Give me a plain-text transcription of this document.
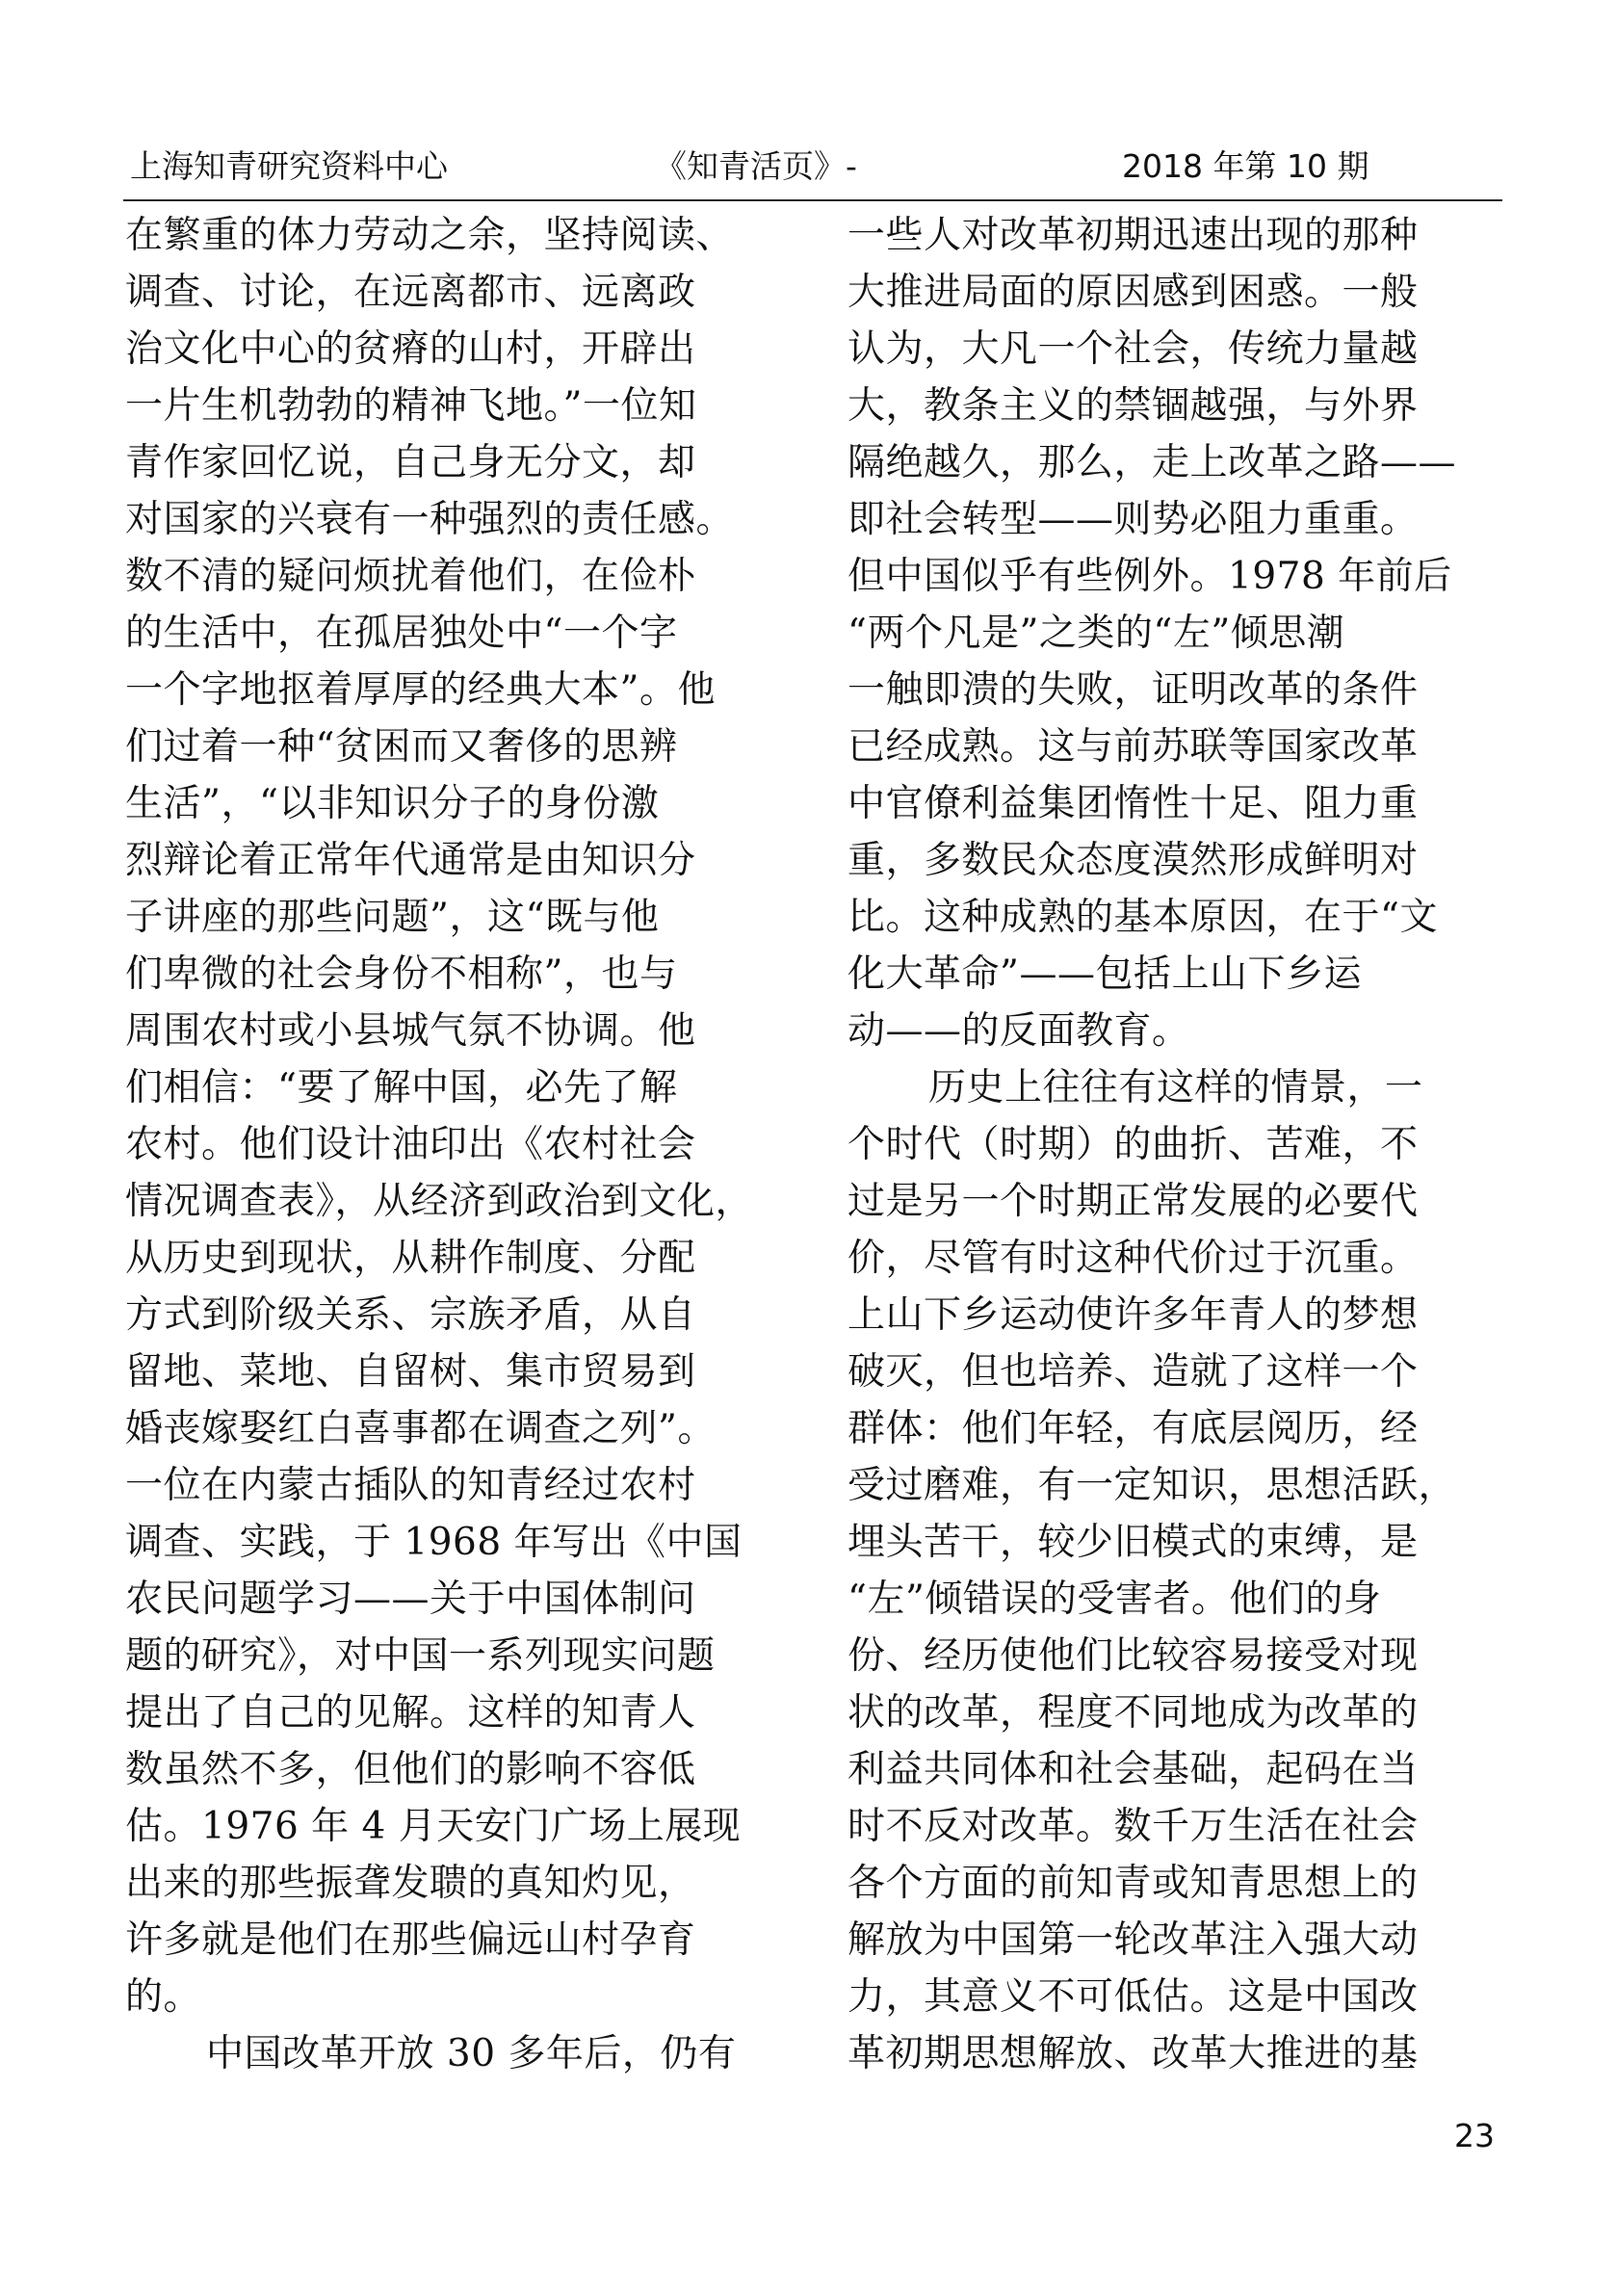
上海知青研究资料中心	《知青活页》-	2018 年第 10 期
在繁重的体力劳动之余，坚持阅读、
调查、讨论，在远离都市、远离政
治文化中心的贫瘠的山村，开辟出
一片生机勃勃的精神飞地。”一位知
青作家回忆说，自己身无分文，却
对国家的兴衰有一种强烈的责任感。
数不清的疑问烦扰着他们，在俭朴
的生活中，在孤居独处中“一个字
一个字地抠着厚厚的经典大本”。他
们过着一种“贫困而又奢侈的思辨
生活”，“以非知识分子的身份激
烈辩论着正常年代通常是由知识分
子讲座的那些问题”，这“既与他
们卑微的社会身份不相称”，也与
周围农村或小县城气氛不协调。他
们相信：“要了解中国，必先了解
农村。他们设计油印出《农村社会
情况调查表》，从经济到政治到文化，
从历史到现状，从耕作制度、分配
方式到阶级关系、宗族矛盾，从自
留地、菜地、自留树、集市贸易到
婚丧嫁娶红白喜事都在调查之列”。
一位在内蒙古插队的知青经过农村
调查、实践，于 1968 年写出《中国
农民问题学习——关于中国体制问
题的研究》，对中国一系列现实问题
提出了自己的见解。这样的知青人
数虽然不多，但他们的影响不容低
估。1976 年 4 月天安门广场上展现
出来的那些振聋发聩的真知灼见，
许多就是他们在那些偏远山村孕育
的。
中国改革开放 30 多年后，仍有
一些人对改革初期迅速出现的那种
大推进局面的原因感到困惑。一般
认为，大凡一个社会，传统力量越
大，教条主义的禁锢越强，与外界
隔绝越久，那么，走上改革之路——
即社会转型——则势必阻力重重。
但中国似乎有些例外。1978 年前后
“两个凡是”之类的“左”倾思潮
一触即溃的失败，证明改革的条件
已经成熟。这与前苏联等国家改革
中官僚利益集团惰性十足、阻力重
重，多数民众态度漠然形成鲜明对
比。这种成熟的基本原因，在于“文
化大革命”——包括上山下乡运
动——的反面教育。
历史上往往有这样的情景，一
个时代（时期）的曲折、苦难，不
过是另一个时期正常发展的必要代
价，尽管有时这种代价过于沉重。
上山下乡运动使许多年青人的梦想
破灭，但也培养、造就了这样一个
群体：他们年轻，有底层阅历，经
受过磨难，有一定知识，思想活跃，
埋头苦干，较少旧模式的束缚，是
“左”倾错误的受害者。他们的身
份、经历使他们比较容易接受对现
状的改革，程度不同地成为改革的
利益共同体和社会基础，起码在当
时不反对改革。数千万生活在社会
各个方面的前知青或知青思想上的
解放为中国第一轮改革注入强大动
力，其意义不可低估。这是中国改
革初期思想解放、改革大推进的基
23
